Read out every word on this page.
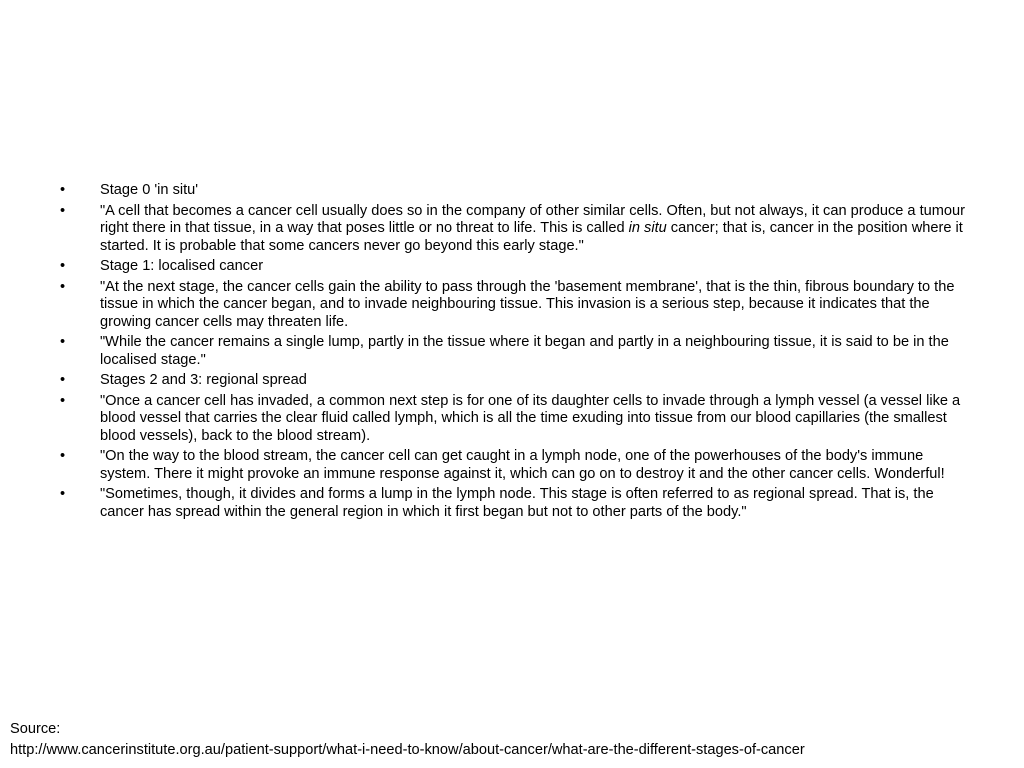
•	Stage 0 'in situ'
•	"A cell that becomes a cancer cell usually does so in the company of other similar cells. Often, but not always, it can produce a tumour right there in that tissue, in a way that poses little or no threat to life. This is called in situ cancer; that is, cancer in the position where it started. It is probable that some cancers never go beyond this early stage."
•	Stage 1: localised cancer
•	"At the next stage, the cancer cells gain the ability to pass through the 'basement membrane', that is the thin, fibrous boundary to the tissue in which the cancer began, and to invade neighbouring tissue. This invasion is a serious step, because it indicates that the growing cancer cells may threaten life.
•	"While the cancer remains a single lump, partly in the tissue where it began and partly in a neighbouring tissue, it is said to be in the localised stage."
•	Stages 2 and 3: regional spread
•	"Once a cancer cell has invaded, a common next step is for one of its daughter cells to invade through a lymph vessel (a vessel like a blood vessel that carries the clear fluid called lymph, which is all the time exuding into tissue from our blood capillaries (the smallest blood vessels), back to the blood stream).
•	"On the way to the blood stream, the cancer cell can get caught in a lymph node, one of the powerhouses of the body's immune system. There it might provoke an immune response against it, which can go on to destroy it and the other cancer cells. Wonderful!
•	"Sometimes, though, it divides and forms a lump in the lymph node. This stage is often referred to as regional spread. That is, the cancer has spread within the general region in which it first began but not to other parts of the body."
Source:
http://www.cancerinstitute.org.au/patient-support/what-i-need-to-know/about-cancer/what-are-the-different-stages-of-cancer
